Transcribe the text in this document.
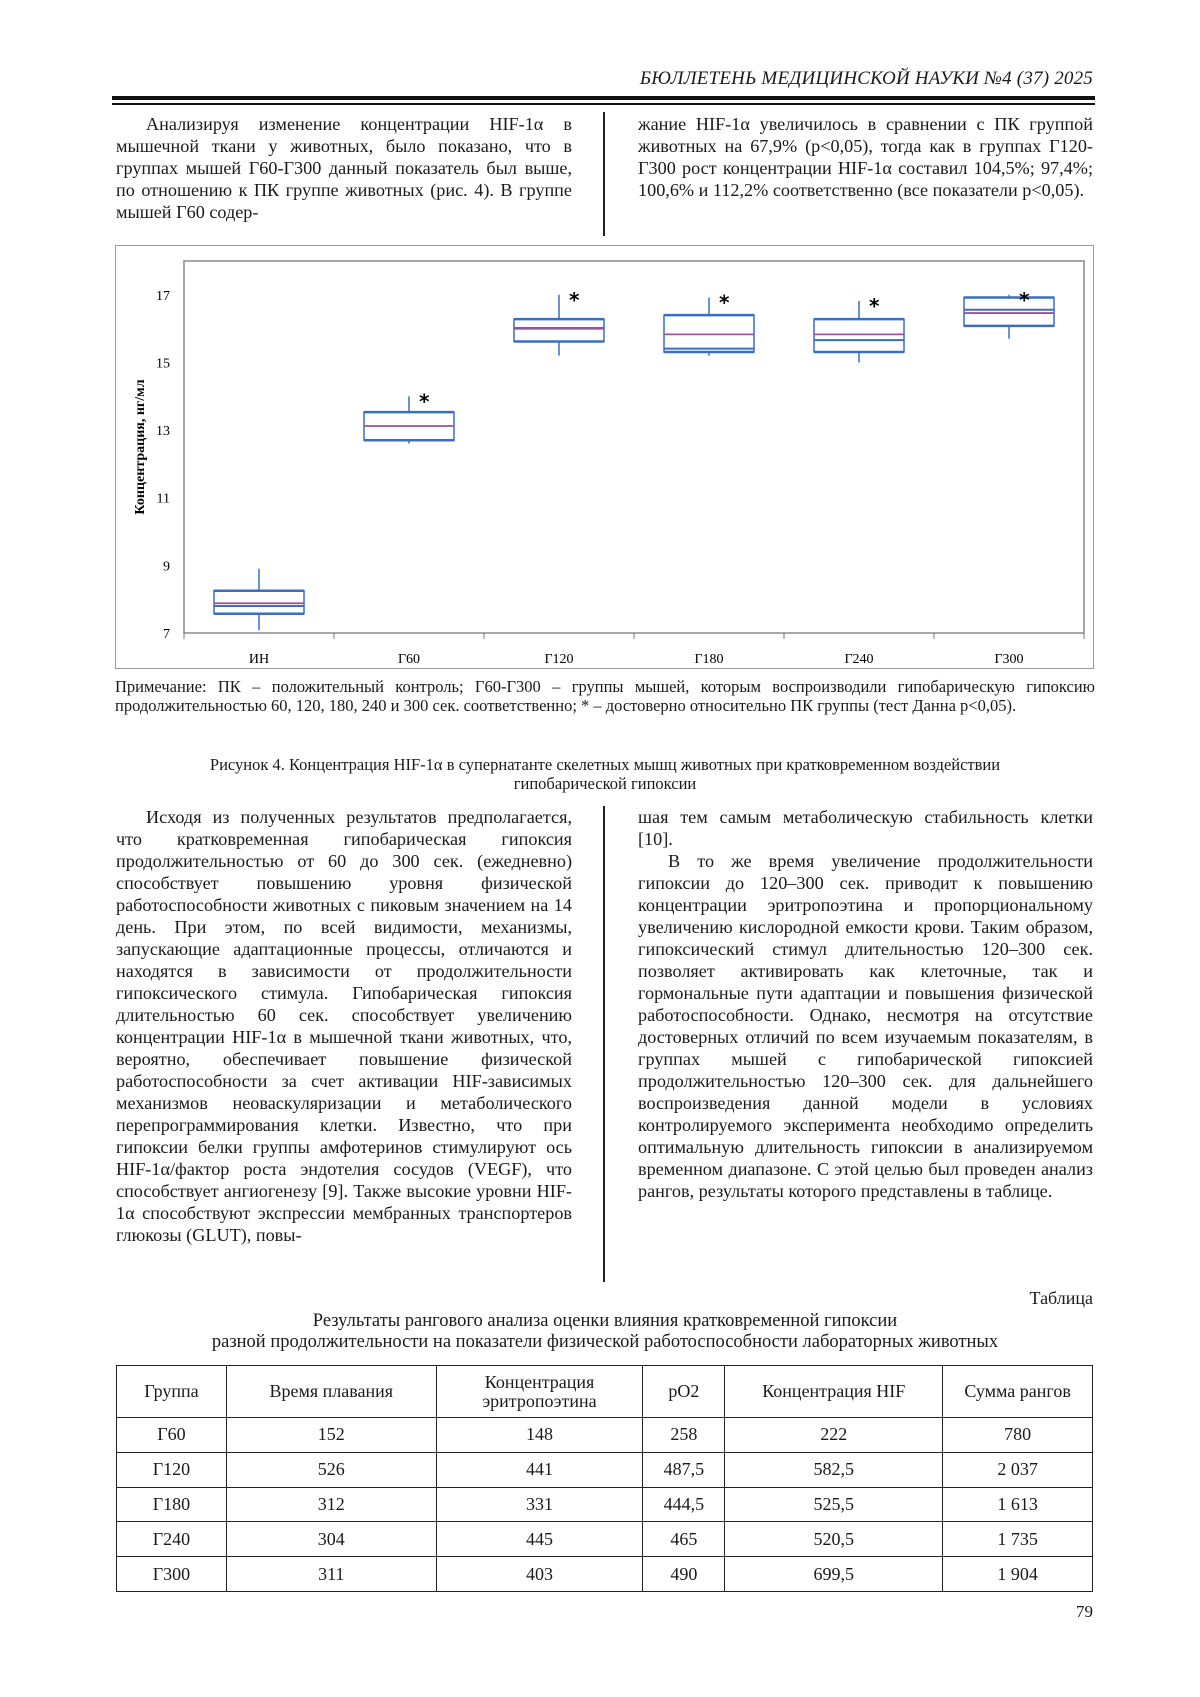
БЮЛЛЕТЕНЬ МЕДИЦИНСКОЙ НАУКИ №4 (37) 2025

Анализируя изменение концентрации HIF-1α в мышечной ткани у животных, было показано, что в группах мышей Г60-Г300 данный показатель был выше, по отношению к ПК группе животных (рис. 4). В группе мышей Г60 содер-

жание HIF-1α увеличилось в сравнении с ПК группой животных на 67,9% (p<0,05), тогда как в группах Г120-Г300 рост концентрации HIF-1α составил 104,5%; 97,4%; 100,6% и 112,2% соответственно (все показатели p<0,05).

7
9
11
13
15
17
Концентрация, нг/мл
ИН	Г60
*
Г120
*
Г180
*
Г240
*
Г300
*
Примечание: ПК – положительный контроль; Г60-Г300 – группы мышей, которым воспроизводили гипобарическую гипоксию продолжительностью 60, 120, 180, 240 и 300 сек. соответственно; * – достоверно относительно ПК группы (тест Данна p<0,05).
Рисунок 4. Концентрация HIF-1α в супернатанте скелетных мышц животных при кратковременном воздействии
гипобарической гипоксии

Исходя из полученных результатов предполагается, что кратковременная гипобарическая гипоксия продолжительностью от 60 до 300 сек. (ежедневно) способствует повышению уровня физической работоспособности животных с пиковым значением на 14 день. При этом, по всей видимости, механизмы, запускающие адаптационные процессы, отличаются и находятся в зависимости от продолжительности гипоксического стимула. Гипобарическая гипоксия длительностью 60 сек. способствует увеличению концентрации HIF-1α в мышечной ткани животных, что, вероятно, обеспечивает повышение физической работоспособности за счет активации HIF-зависимых механизмов неоваскуляризации и метаболического перепрограммирования клетки. Известно, что при гипоксии белки группы амфотеринов стимулируют ось HIF-1α/фактор роста эндотелия сосудов (VEGF), что способствует ангиогенезу [9]. Также высокие уровни HIF-1α способствуют экспрессии мембранных транспортеров глюкозы (GLUT), повы-

шая тем самым метаболическую стабильность клетки [10].

В то же время увеличение продолжительности гипоксии до 120–300 сек. приводит к повышению концентрации эритропоэтина и пропорциональному увеличению кислородной емкости крови. Таким образом, гипоксический стимул длительностью 120–300 сек. позволяет активировать как клеточные, так и гормональные пути адаптации и повышения физической работоспособности. Однако, несмотря на отсутствие достоверных отличий по всем изучаемым показателям, в группах мышей с гипобарической гипоксией продолжительностью 120–300 сек. для дальнейшего воспроизведения данной модели в условиях контролируемого эксперимента необходимо определить оптимальную длительность гипоксии в анализируемом временном диапазоне. С этой целью был проведен анализ рангов, результаты которого представлены в таблице.

Таблица
Результаты рангового анализа оценки влияния кратковременной гипоксии
разной продолжительности на показатели физической работоспособности лабораторных животных
Группа	Время плавания	Концентрация эритропоэтина	pO2	Концентрация HIF	Сумма рангов
Г60	152	148	258	222	780
Г120	526	441	487,5	582,5	2 037
Г180	312	331	444,5	525,5	1 613
Г240	304	445	465	520,5	1 735
Г300	311	403	490	699,5	1 904
79
